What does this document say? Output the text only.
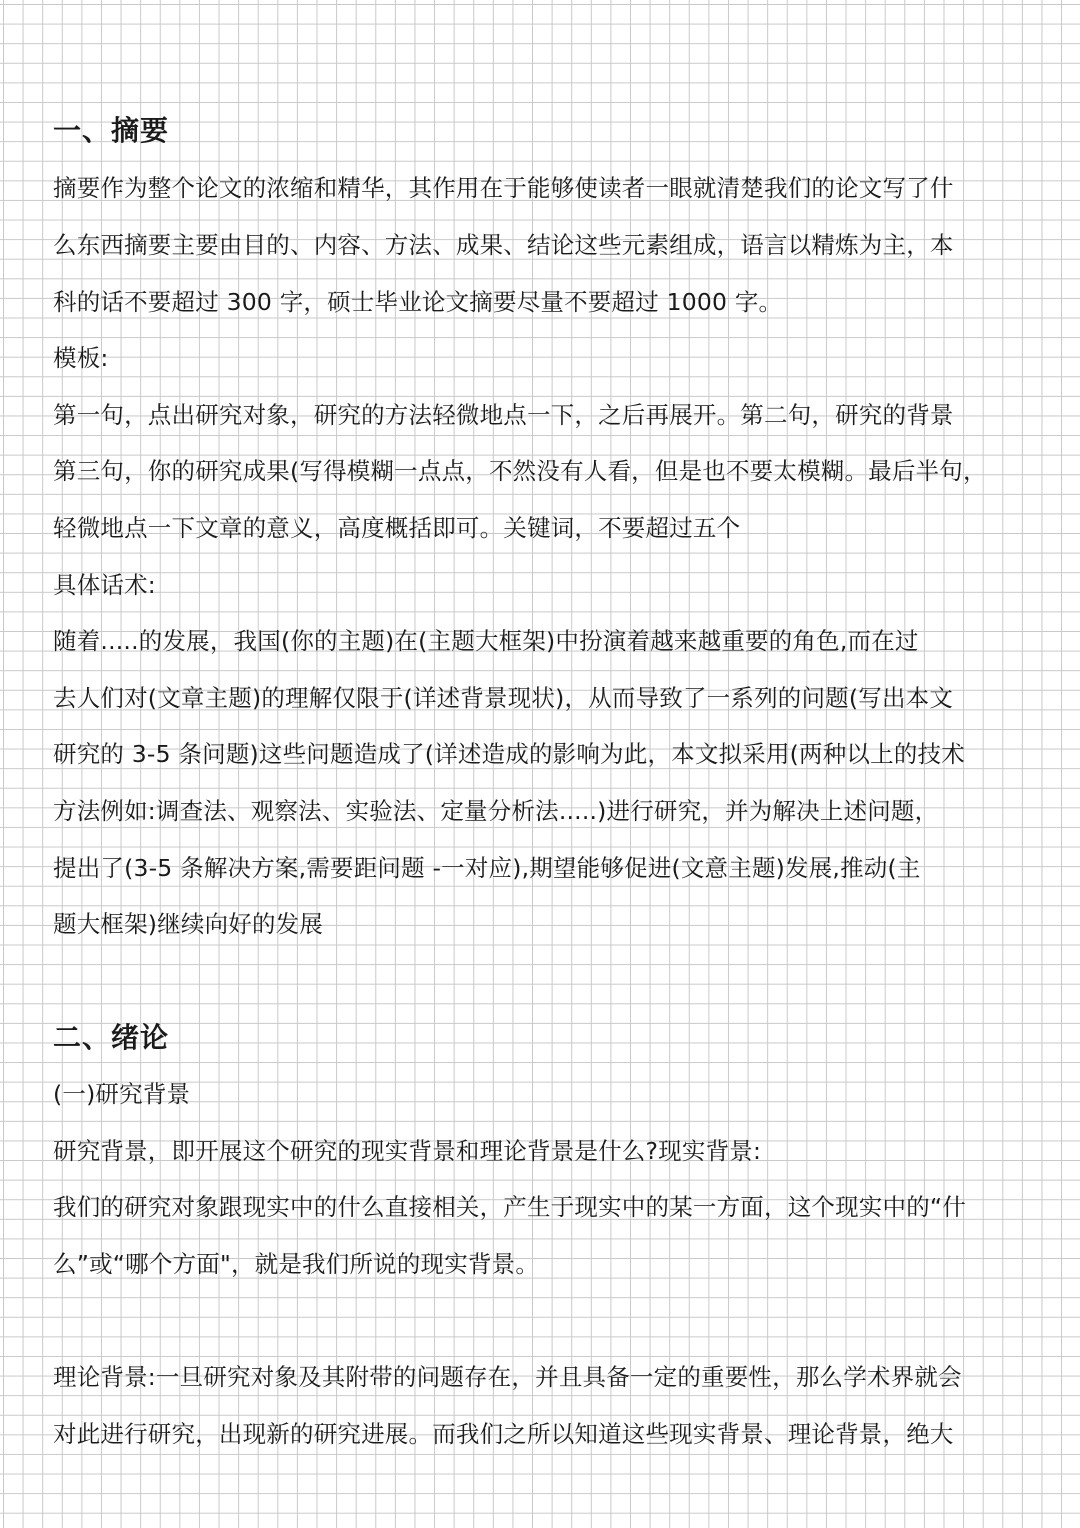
一、摘要
摘要作为整个论文的浓缩和精华，其作用在于能够使读者一眼就清楚我们的论文写了什
么东西摘要主要由目的、内容、方法、成果、结论这些元素组成，语言以精炼为主，本
科的话不要超过 300 字，硕士毕业论文摘要尽量不要超过 1000 字。
模板:
第一句，点出研究对象，研究的方法轻微地点一下，之后再展开。第二句，研究的背景
第三句，你的研究成果(写得模糊一点点，不然没有人看，但是也不要太模糊。最后半句，
轻微地点一下文章的意义，高度概括即可。关键词，不要超过五个
具体话术:
随着.....的发展，我国(你的主题)在(主题大框架)中扮演着越来越重要的角色,而在过
去人们对(文章主题)的理解仅限于(详述背景现状)，从而导致了一系列的问题(写出本文
研究的 3-5 条问题)这些问题造成了(详述造成的影响为此，本文拟采用(两种以上的技术
方法例如:调查法、观察法、实验法、定量分析法.....)进行研究，并为解决上述问题，
提出了(3-5 条解决方案,需要距问题 -一对应),期望能够促进(文意主题)发展,推动(主
题大框架)继续向好的发展
二、绪论
(一)研究背景
研究背景，即开展这个研究的现实背景和理论背景是什么?现实背景:
我们的研究对象跟现实中的什么直接相关，产生于现实中的某一方面，这个现实中的“什
么”或“哪个方面"，就是我们所说的现实背景。
理论背景:一旦研究对象及其附带的问题存在，并且具备一定的重要性，那么学术界就会
对此进行研究，出现新的研究进展。而我们之所以知道这些现实背景、理论背景，绝大
